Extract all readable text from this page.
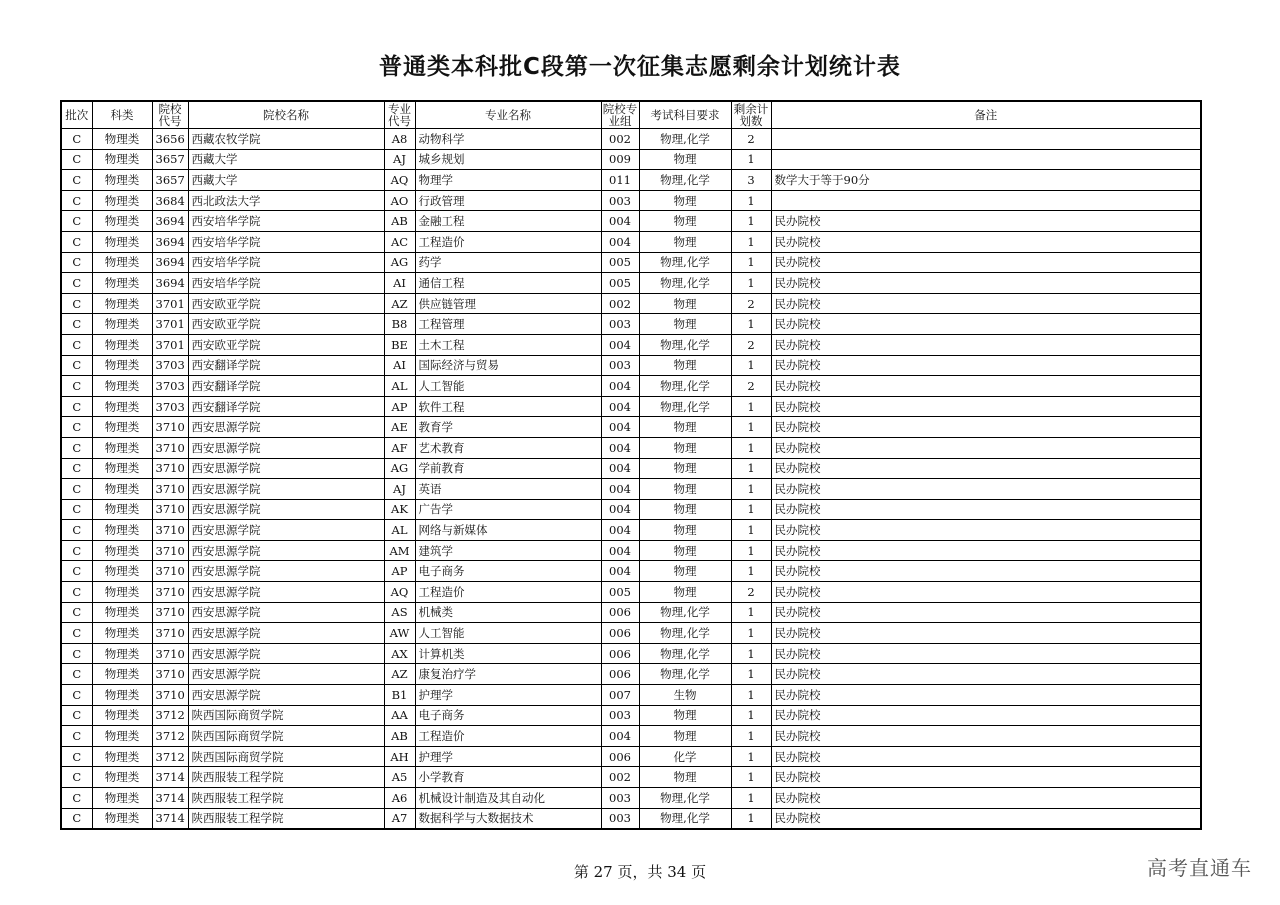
普通类本科批C段第一次征集志愿剩余计划统计表
批次	科类	院校代号	院校名称	专业代号	专业名称	院校专业组	考试科目要求	剩余计划数	备注
C	物理类	3656	西藏农牧学院	A8	动物科学	002	物理,化学	2	
C	物理类	3657	西藏大学	AJ	城乡规划	009	物理	1	
C	物理类	3657	西藏大学	AQ	物理学	011	物理,化学	3	数学大于等于90分
C	物理类	3684	西北政法大学	AO	行政管理	003	物理	1	
C	物理类	3694	西安培华学院	AB	金融工程	004	物理	1	民办院校
C	物理类	3694	西安培华学院	AC	工程造价	004	物理	1	民办院校
C	物理类	3694	西安培华学院	AG	药学	005	物理,化学	1	民办院校
C	物理类	3694	西安培华学院	AI	通信工程	005	物理,化学	1	民办院校
C	物理类	3701	西安欧亚学院	AZ	供应链管理	002	物理	2	民办院校
C	物理类	3701	西安欧亚学院	B8	工程管理	003	物理	1	民办院校
C	物理类	3701	西安欧亚学院	BE	土木工程	004	物理,化学	2	民办院校
C	物理类	3703	西安翻译学院	AI	国际经济与贸易	003	物理	1	民办院校
C	物理类	3703	西安翻译学院	AL	人工智能	004	物理,化学	2	民办院校
C	物理类	3703	西安翻译学院	AP	软件工程	004	物理,化学	1	民办院校
C	物理类	3710	西安思源学院	AE	教育学	004	物理	1	民办院校
C	物理类	3710	西安思源学院	AF	艺术教育	004	物理	1	民办院校
C	物理类	3710	西安思源学院	AG	学前教育	004	物理	1	民办院校
C	物理类	3710	西安思源学院	AJ	英语	004	物理	1	民办院校
C	物理类	3710	西安思源学院	AK	广告学	004	物理	1	民办院校
C	物理类	3710	西安思源学院	AL	网络与新媒体	004	物理	1	民办院校
C	物理类	3710	西安思源学院	AM	建筑学	004	物理	1	民办院校
C	物理类	3710	西安思源学院	AP	电子商务	004	物理	1	民办院校
C	物理类	3710	西安思源学院	AQ	工程造价	005	物理	2	民办院校
C	物理类	3710	西安思源学院	AS	机械类	006	物理,化学	1	民办院校
C	物理类	3710	西安思源学院	AW	人工智能	006	物理,化学	1	民办院校
C	物理类	3710	西安思源学院	AX	计算机类	006	物理,化学	1	民办院校
C	物理类	3710	西安思源学院	AZ	康复治疗学	006	物理,化学	1	民办院校
C	物理类	3710	西安思源学院	B1	护理学	007	生物	1	民办院校
C	物理类	3712	陕西国际商贸学院	AA	电子商务	003	物理	1	民办院校
C	物理类	3712	陕西国际商贸学院	AB	工程造价	004	物理	1	民办院校
C	物理类	3712	陕西国际商贸学院	AH	护理学	006	化学	1	民办院校
C	物理类	3714	陕西服装工程学院	A5	小学教育	002	物理	1	民办院校
C	物理类	3714	陕西服装工程学院	A6	机械设计制造及其自动化	003	物理,化学	1	民办院校
C	物理类	3714	陕西服装工程学院	A7	数据科学与大数据技术	003	物理,化学	1	民办院校
第 27 页，共 34 页	高考直通车
